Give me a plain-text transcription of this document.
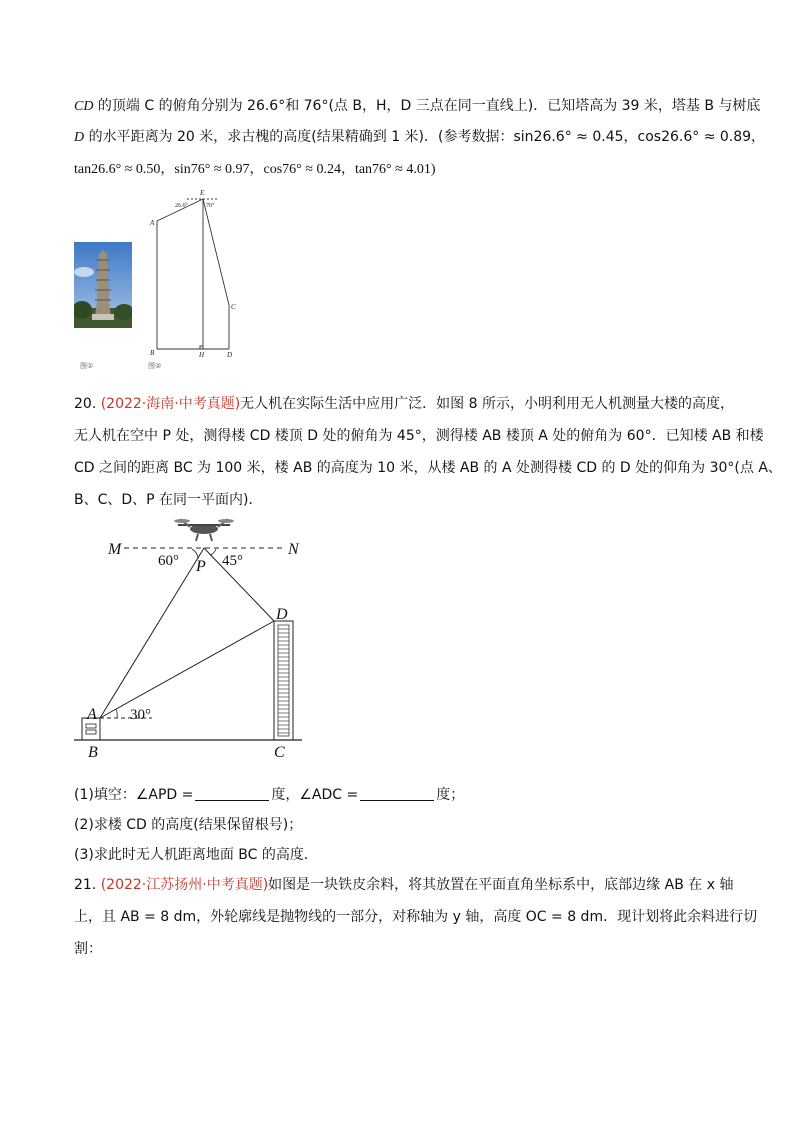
CD 的顶端 C 的俯角分别为 26.6°和 76°(点 B，H，D 三点在同一直线上)．已知塔高为 39 米，塔基 B 与树底
D 的水平距离为 20 米，求古槐的高度(结果精确到 1 米)．(参考数据：sin26.6° ≈ 0.45，cos26.6° ≈ 0.89，
tan26.6° ≈ 0.50，sin76° ≈ 0.97，cos76° ≈ 0.24，tan76° ≈ 4.01)
图①
A
B	H	D
C
E
26.6°	76°
图②
20. (2022·海南·中考真题)无人机在实际生活中应用广泛．如图 8 所示，小明利用无人机测量大楼的高度，
无人机在空中 P 处，测得楼 CD 楼顶 D 处的俯角为 45°，测得楼 AB 楼顶 A 处的俯角为 60°．已知楼 AB 和楼
CD 之间的距离 BC 为 100 米，楼 AB 的高度为 10 米，从楼 AB 的 A 处测得楼 CD 的 D 处的仰角为 30°(点 A、
B、C、D、P 在同一平面内)．
M	N
P
A
B	C
D
60°	45°
30°
(1)填空：∠APD =	度，∠ADC =	度；
(2)求楼 CD 的高度(结果保留根号)；
(3)求此时无人机距离地面 BC 的高度．
21. (2022·江苏扬州·中考真题)如图是一块铁皮余料，将其放置在平面直角坐标系中，底部边缘 AB 在 x 轴
上，且 AB = 8 dm，外轮廓线是抛物线的一部分，对称轴为 y 轴，高度 OC = 8 dm．现计划将此余料进行切
割：
